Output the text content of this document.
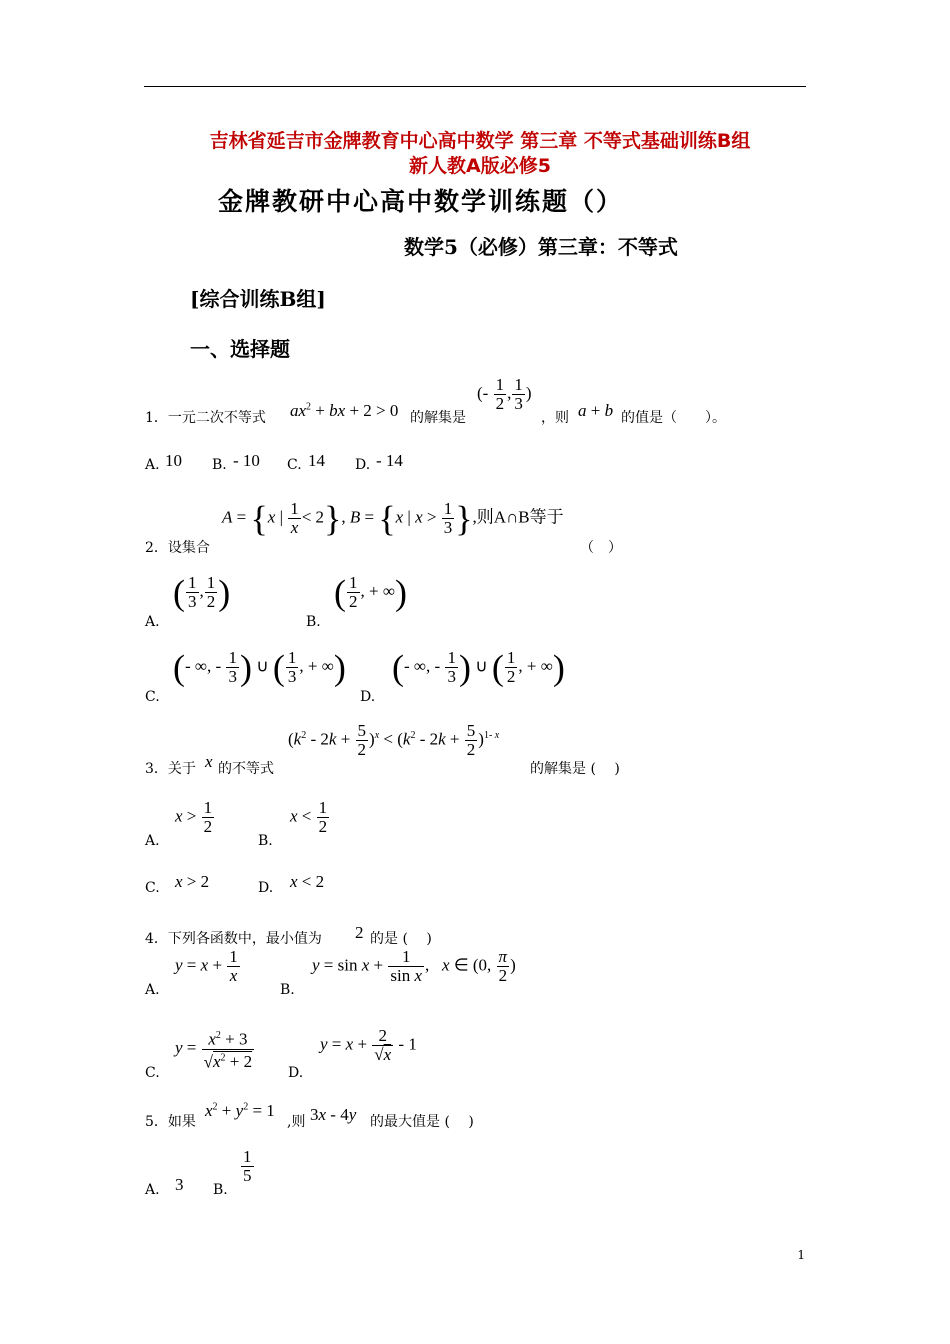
吉林省延吉市金牌教育中心高中数学 第三章 不等式基础训练B组
新人教A版必修5
金牌教研中心高中数学训练题（）
数学5（必修）第三章：不等式
[综合训练B组]
一、选择题
1．一元二次不等式 $ax^2$ + bx + 2 > 0 的解集是
(- $\frac{1}{2}$ , $\frac{1}{3}$ )
，则 a + b 的值是（　　）。
A. 10 B. - 10 C. 14 D. - 14
2．设集合
A = {x | $\frac{1}{x} < 2$}, B = {x | $x > \frac{1}{3}$ },则A∩B等于
（　）
A.
( $\frac{1}{3}$ , $\frac{1}{2}$ )
B.
( $\frac{1}{2}$ , + ∞)
C.
(- ∞, - $\frac{1}{3}$ ) ∪ ( $\frac{1}{3}$ , + ∞)
D.
(- ∞, - $\frac{1}{3}$ ) ∪ ( $\frac{1}{2}$ , + ∞)
3．关于 x 的不等式
$(k^2 - 2k + \frac{5}{2} )^x < (k^2 - 2k + \frac{5}{2} )^{1- x}$
的解集是 (　 )
A.
$x > \frac{1}{2}$
B.
$x < \frac{1}{2}$
C. x > 2	D. x < 2
4．下列各函数中，最小值为 2 的是 (　 )
A.
$y = x + \frac{1}{x}$
B.
$y = \sin x + \frac{1}{\text{sin x}}$ ,   x ∈ (0, $\frac{\pi}{2}$ )
C.
$y = \frac{x^2 + 3}{√x^2 + 2}$
D.
$y = x + \frac{2}{√x} - 1$
5．如果
$x^2 + y^2 = 1$
,则 3x - 4y 的最大值是 (　 )
A. 3 B.
$\frac{1}{5}$
1
